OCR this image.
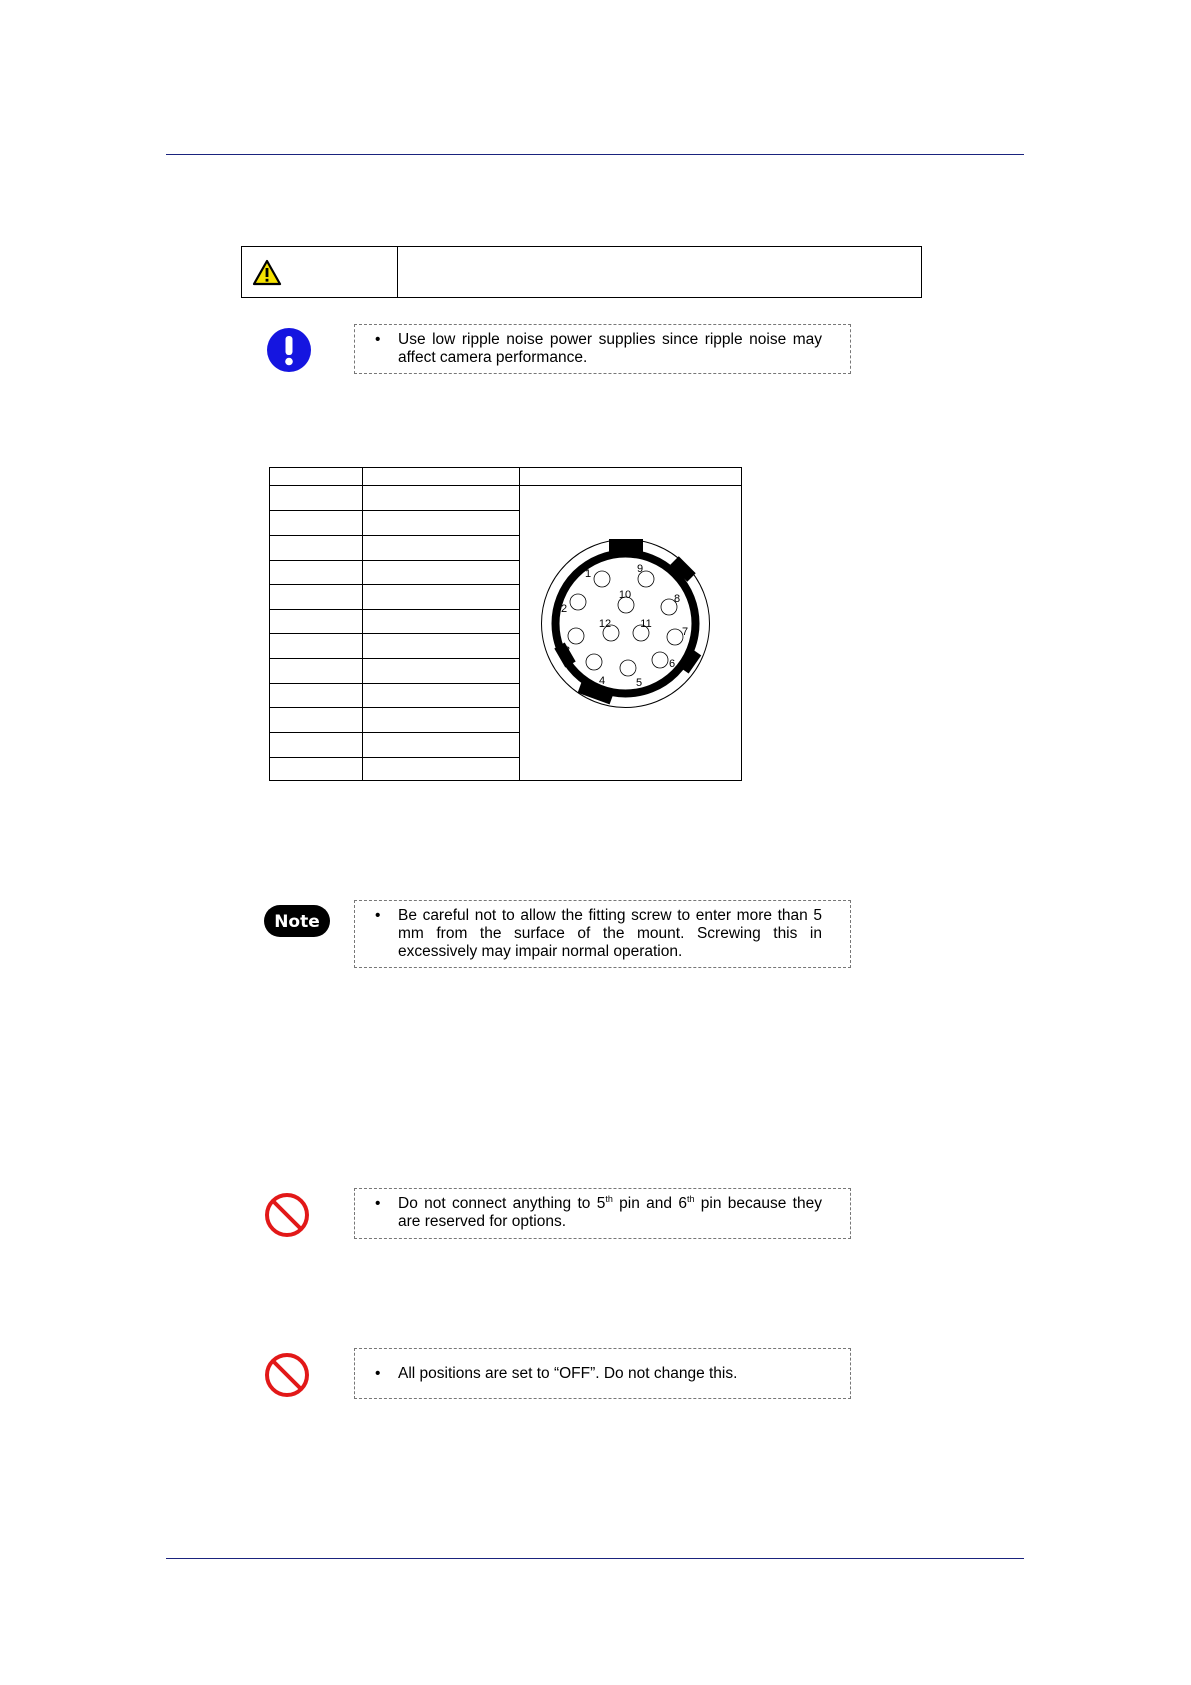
• Use low ripple noise power supplies since ripple noise may affect camera performance.
1
2
3
4	5
6
7
8
9
10
11
12
Note	• Be careful not to allow the fitting screw to enter more than 5 mm from the surface of the mount. Screwing this in excessively may impair normal operation.
• Do not connect anything to 5th pin and 6th pin because they are reserved for options.
• All positions are set to “OFF”. Do not change this.
